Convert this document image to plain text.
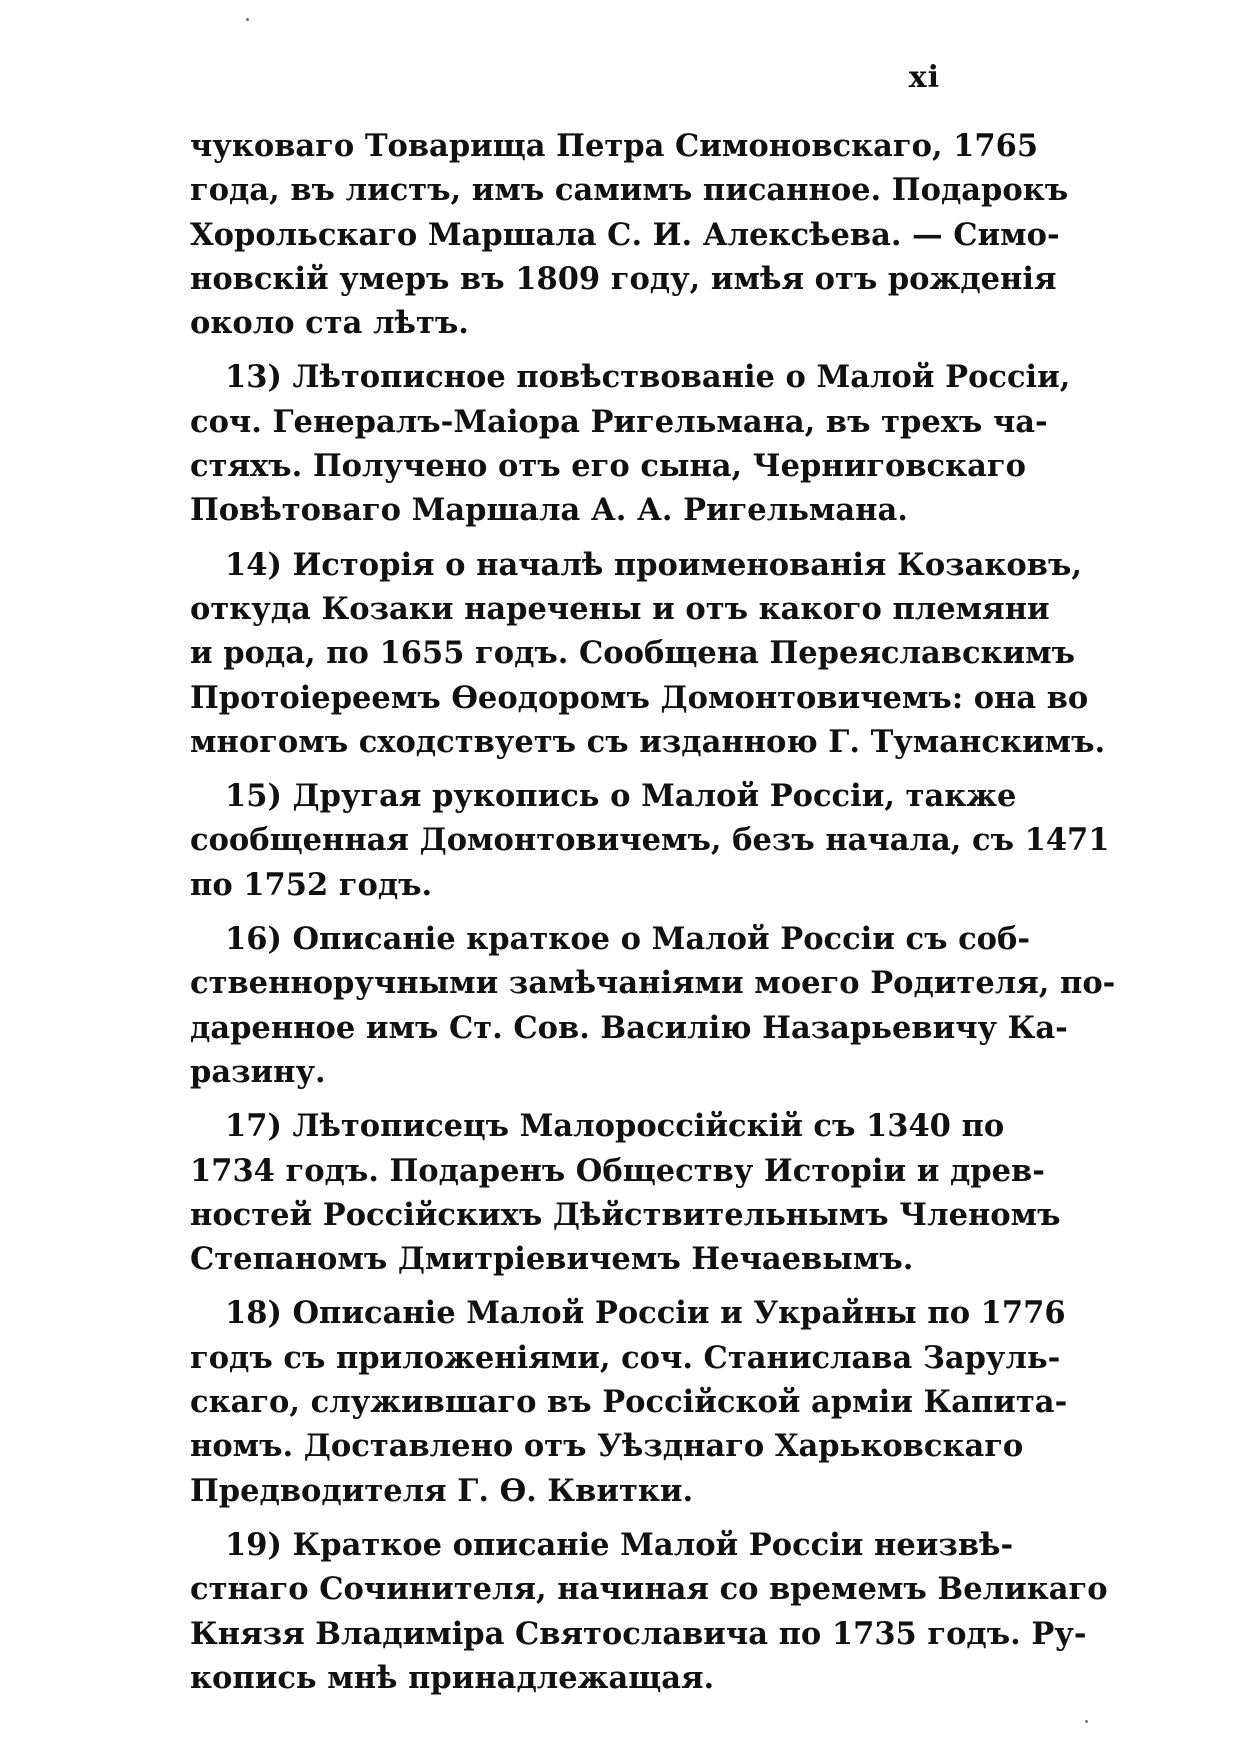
xi
чуковаго Товарища Петра Симоновскаго, 1765
года, въ листъ, имъ самимъ писанное. Подарокъ
Хорольскаго Маршала С. И. Алексѣева. — Симо-
новскій умеръ въ 1809 году, имѣя отъ рожденія
около ста лѣтъ.
13) Лѣтописное повѣствованіе о Малой Россіи,
соч. Генералъ-Маіора Ригельмана, въ трехъ ча-
стяхъ. Получено отъ его сына, Черниговскаго
Повѣтоваго Маршала А. А. Ригельмана.
14) Исторія о началѣ проименованія Козаковъ,
откуда Козаки наречены и отъ какого племяни
и рода, по 1655 годъ. Сообщена Переяславскимъ
Протоіереемъ Ѳеодоромъ Домонтовичемъ: она во
многомъ сходствуетъ съ изданною Г. Туманскимъ.
15) Другая рукопись о Малой Россіи, также
сообщенная Домонтовичемъ, безъ начала, съ 1471
по 1752 годъ.
16) Описаніе краткое о Малой Россіи съ соб-
ственноручными замѣчаніями моего Родителя, по-
даренное имъ Ст. Сов. Василію Назарьевичу Ка-
разину.
17) Лѣтописецъ Малороссійскій съ 1340 по
1734 годъ. Подаренъ Обществу Исторіи и древ-
ностей Россійскихъ Дѣйствительнымъ Членомъ
Степаномъ Дмитріевичемъ Нечаевымъ.
18) Описаніе Малой Россіи и Украйны по 1776
годъ съ приложеніями, соч. Станислава Заруль-
скаго, служившаго въ Россійской арміи Капита-
номъ. Доставлено отъ Уѣзднаго Харьковскаго
Предводителя Г. Ѳ. Квитки.
19) Краткое описаніе Малой Россіи неизвѣ-
стнаго Сочинителя, начиная со времемъ Великаго
Князя Владиміра Святославича по 1735 годъ. Ру-
копись мнѣ принадлежащая.
